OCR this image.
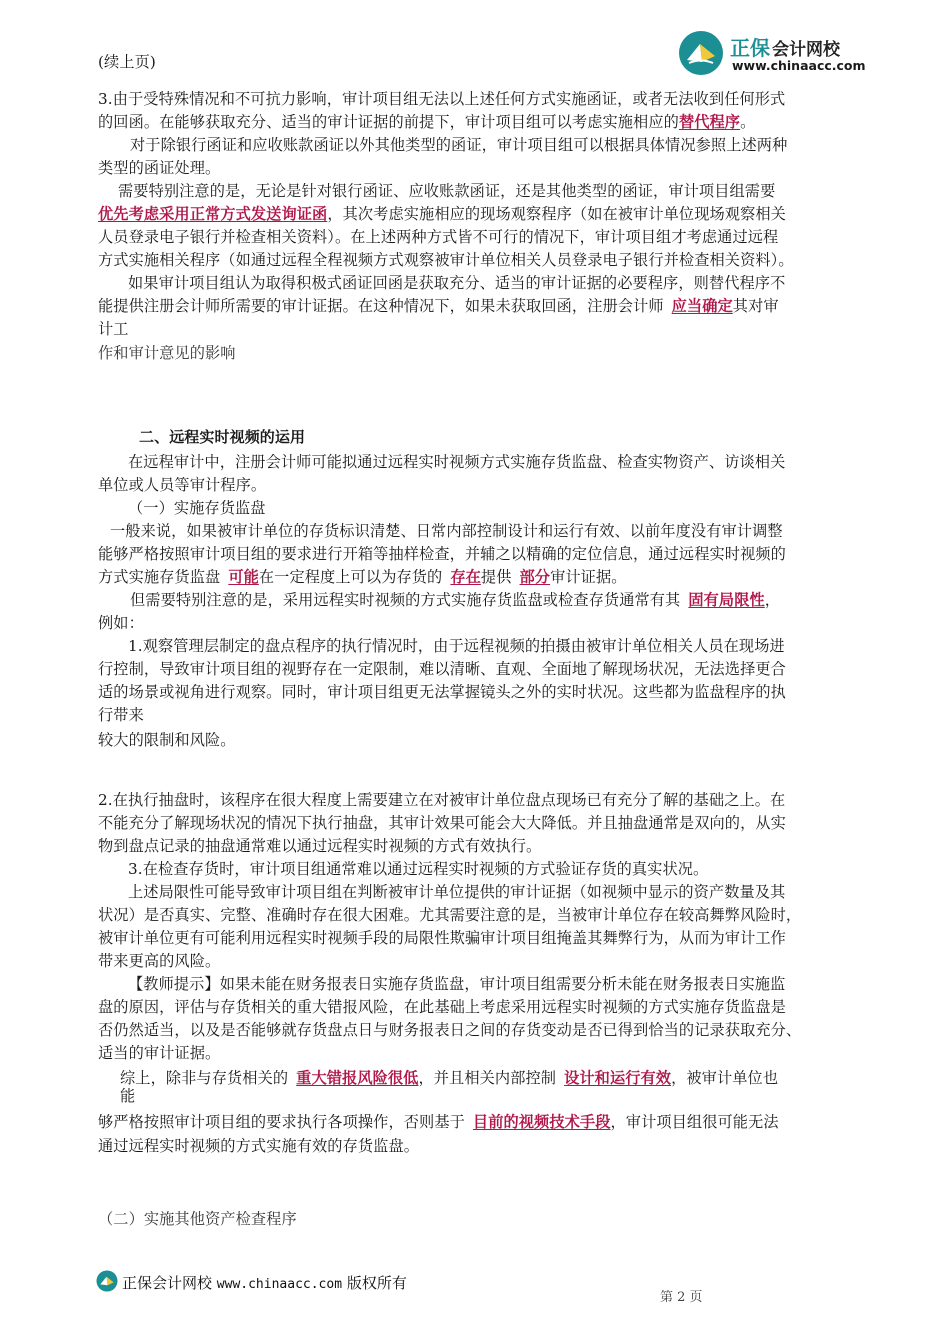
正保 会计网校
www.chinaacc.com
(续上页)
3.由于受特殊情况和不可抗力影响，审计项目组无法以上述任何方式实施函证，或者无法收到任何形式
的回函。在能够获取充分、适当的审计证据的前提下，审计项目组可以考虑实施相应的替代程序。
对于除银行函证和应收账款函证以外其他类型的函证，审计项目组可以根据具体情况参照上述两种
类型的函证处理。
需要特别注意的是，无论是针对银行函证、应收账款函证，还是其他类型的函证，审计项目组需要
优先考虑采用正常方式发送询证函，其次考虑实施相应的现场观察程序（如在被审计单位现场观察相关
人员登录电子银行并检查相关资料）。在上述两种方式皆不可行的情况下，审计项目组才考虑通过远程
方式实施相关程序（如通过远程全程视频方式观察被审计单位相关人员登录电子银行并检查相关资料）。
如果审计项目组认为取得积极式函证回函是获取充分、适当的审计证据的必要程序，则替代程序不
能提供注册会计师所需要的审计证据。在这种情况下，如果未获取回函，注册会计师 应当确定其对审
计工
作和审计意见的影响
二、远程实时视频的运用
在远程审计中，注册会计师可能拟通过远程实时视频方式实施存货监盘、检查实物资产、访谈相关
单位或人员等审计程序。
（一）实施存货监盘
一般来说，如果被审计单位的存货标识清楚、日常内部控制设计和运行有效、以前年度没有审计调整
能够严格按照审计项目组的要求进行开箱等抽样检查，并辅之以精确的定位信息，通过远程实时视频的
方式实施存货监盘 可能在一定程度上可以为存货的 存在提供 部分审计证据。
但需要特别注意的是，采用远程实时视频的方式实施存货监盘或检查存货通常有其 固有局限性，
例如：
1.观察管理层制定的盘点程序的执行情况时，由于远程视频的拍摄由被审计单位相关人员在现场进
行控制，导致审计项目组的视野存在一定限制，难以清晰、直观、全面地了解现场状况，无法选择更合
适的场景或视角进行观察。同时，审计项目组更无法掌握镜头之外的实时状况。这些都为监盘程序的执
行带来
较大的限制和风险。
2.在执行抽盘时，该程序在很大程度上需要建立在对被审计单位盘点现场已有充分了解的基础之上。在
不能充分了解现场状况的情况下执行抽盘，其审计效果可能会大大降低。并且抽盘通常是双向的，从实
物到盘点记录的抽盘通常难以通过远程实时视频的方式有效执行。
3.在检查存货时，审计项目组通常难以通过远程实时视频的方式验证存货的真实状况。
上述局限性可能导致审计项目组在判断被审计单位提供的审计证据（如视频中显示的资产数量及其
状况）是否真实、完整、准确时存在很大困难。尤其需要注意的是，当被审计单位存在较高舞弊风险时，
被审计单位更有可能利用远程实时视频手段的局限性欺骗审计项目组掩盖其舞弊行为，从而为审计工作
带来更高的风险。
【教师提示】如果未能在财务报表日实施存货监盘，审计项目组需要分析未能在财务报表日实施监
盘的原因，评估与存货相关的重大错报风险，在此基础上考虑采用远程实时视频的方式实施存货监盘是
否仍然适当，以及是否能够就存货盘点日与财务报表日之间的存货变动是否已得到恰当的记录获取充分、
适当的审计证据。
综上，除非与存货相关的 重大错报风险很低，并且相关内部控制 设计和运行有效，被审计单位也
能
够严格按照审计项目组的要求执行各项操作，否则基于 目前的视频技术手段，审计项目组很可能无法
通过远程实时视频的方式实施有效的存货监盘。
（二）实施其他资产检查程序
正保会计网校 www.chinaacc.com 版权所有
第 2 页
